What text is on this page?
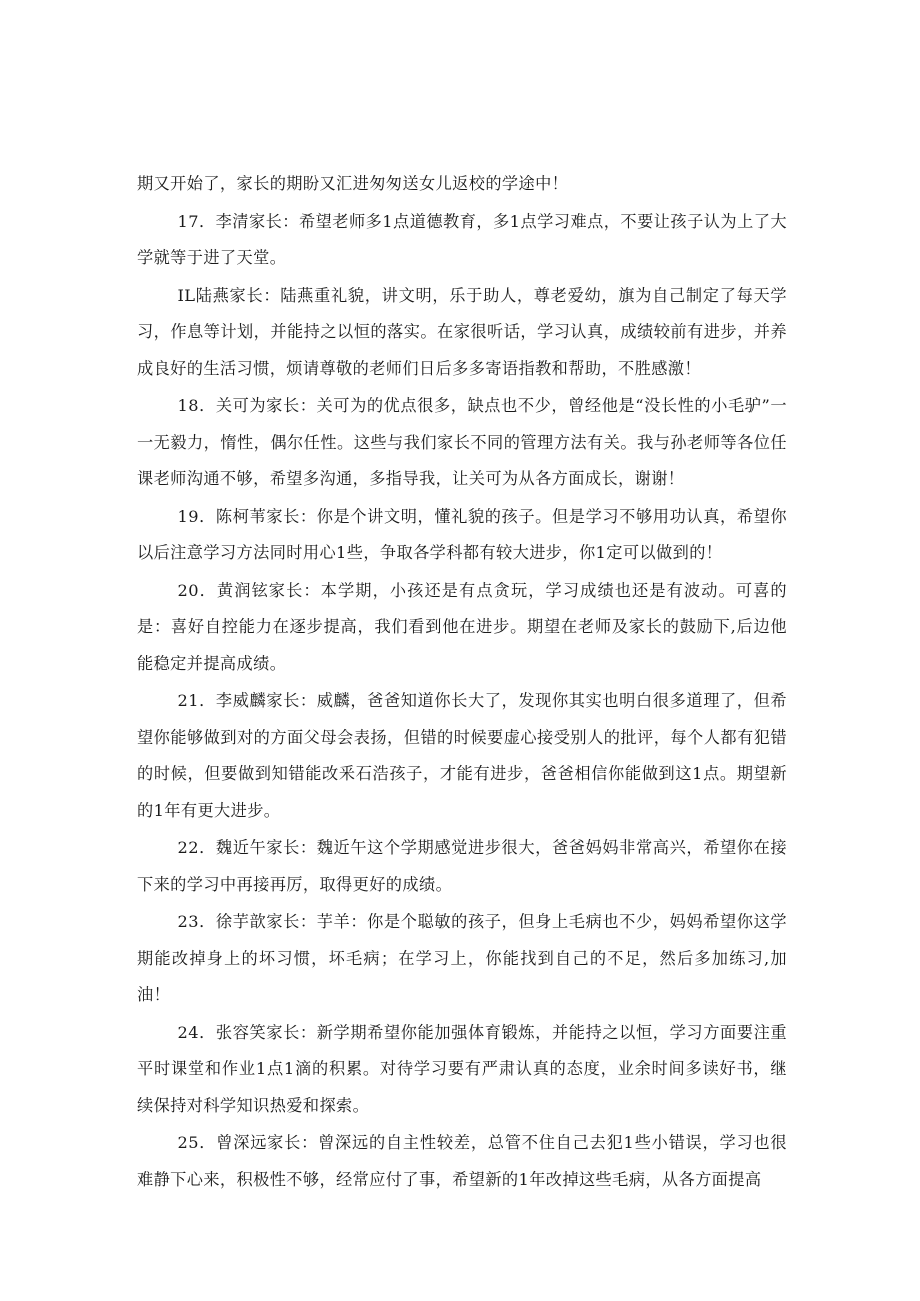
期又开始了，家长的期盼又汇进匆匆送女儿返校的学途中！

17．李清家长：希望老师多1点道德教育，多1点学习难点，不要让孩子认为上了大学就等于进了天堂。

IL陆燕家长：陆燕重礼貌，讲文明，乐于助人，尊老爱幼，旗为自己制定了每天学习，作息等计划，并能持之以恒的落实。在家很听话，学习认真，成绩较前有进步，并养成良好的生活习惯，烦请尊敬的老师们日后多多寄语指教和帮助，不胜感激！

18．关可为家长：关可为的优点很多，缺点也不少，曾经他是“没长性的小毛驴”一一无毅力，惰性，偶尔任性。这些与我们家长不同的管理方法有关。我与孙老师等各位任课老师沟通不够，希望多沟通，多指导我，让关可为从各方面成长，谢谢！

19．陈柯苇家长：你是个讲文明，懂礼貌的孩子。但是学习不够用功认真，希望你以后注意学习方法同时用心1些，争取各学科都有较大进步，你1定可以做到的！

20．黄润铉家长：本学期，小孩还是有点贪玩，学习成绩也还是有波动。可喜的是：喜好自控能力在逐步提高，我们看到他在进步。期望在老师及家长的鼓励下,后边他能稳定并提高成绩。

21．李威麟家长：威麟，爸爸知道你长大了，发现你其实也明白很多道理了，但希望你能够做到对的方面父母会表扬，但错的时候要虚心接受别人的批评，每个人都有犯错的时候，但要做到知错能改釆石浩孩子，才能有进步，爸爸相信你能做到这1点。期望新的1年有更大进步。

22．魏近午家长：魏近午这个学期感觉进步很大，爸爸妈妈非常高兴，希望你在接下来的学习中再接再厉，取得更好的成绩。

23．徐芋歆家长：芋羊：你是个聪敏的孩子，但身上毛病也不少，妈妈希望你这学期能改掉身上的坏习惯，坏毛病；在学习上，你能找到自己的不足，然后多加练习,加油！

24．张容笑家长：新学期希望你能加强体育锻炼，并能持之以恒，学习方面要注重平时课堂和作业1点1滴的积累。对待学习要有严肃认真的态度，业余时间多读好书，继续保持对科学知识热爱和探索。

25．曾深远家长：曾深远的自主性较差，总管不住自己去犯1些小错误，学习也很难静下心来，积极性不够，经常应付了事，希望新的1年改掉这些毛病，从各方面提高
